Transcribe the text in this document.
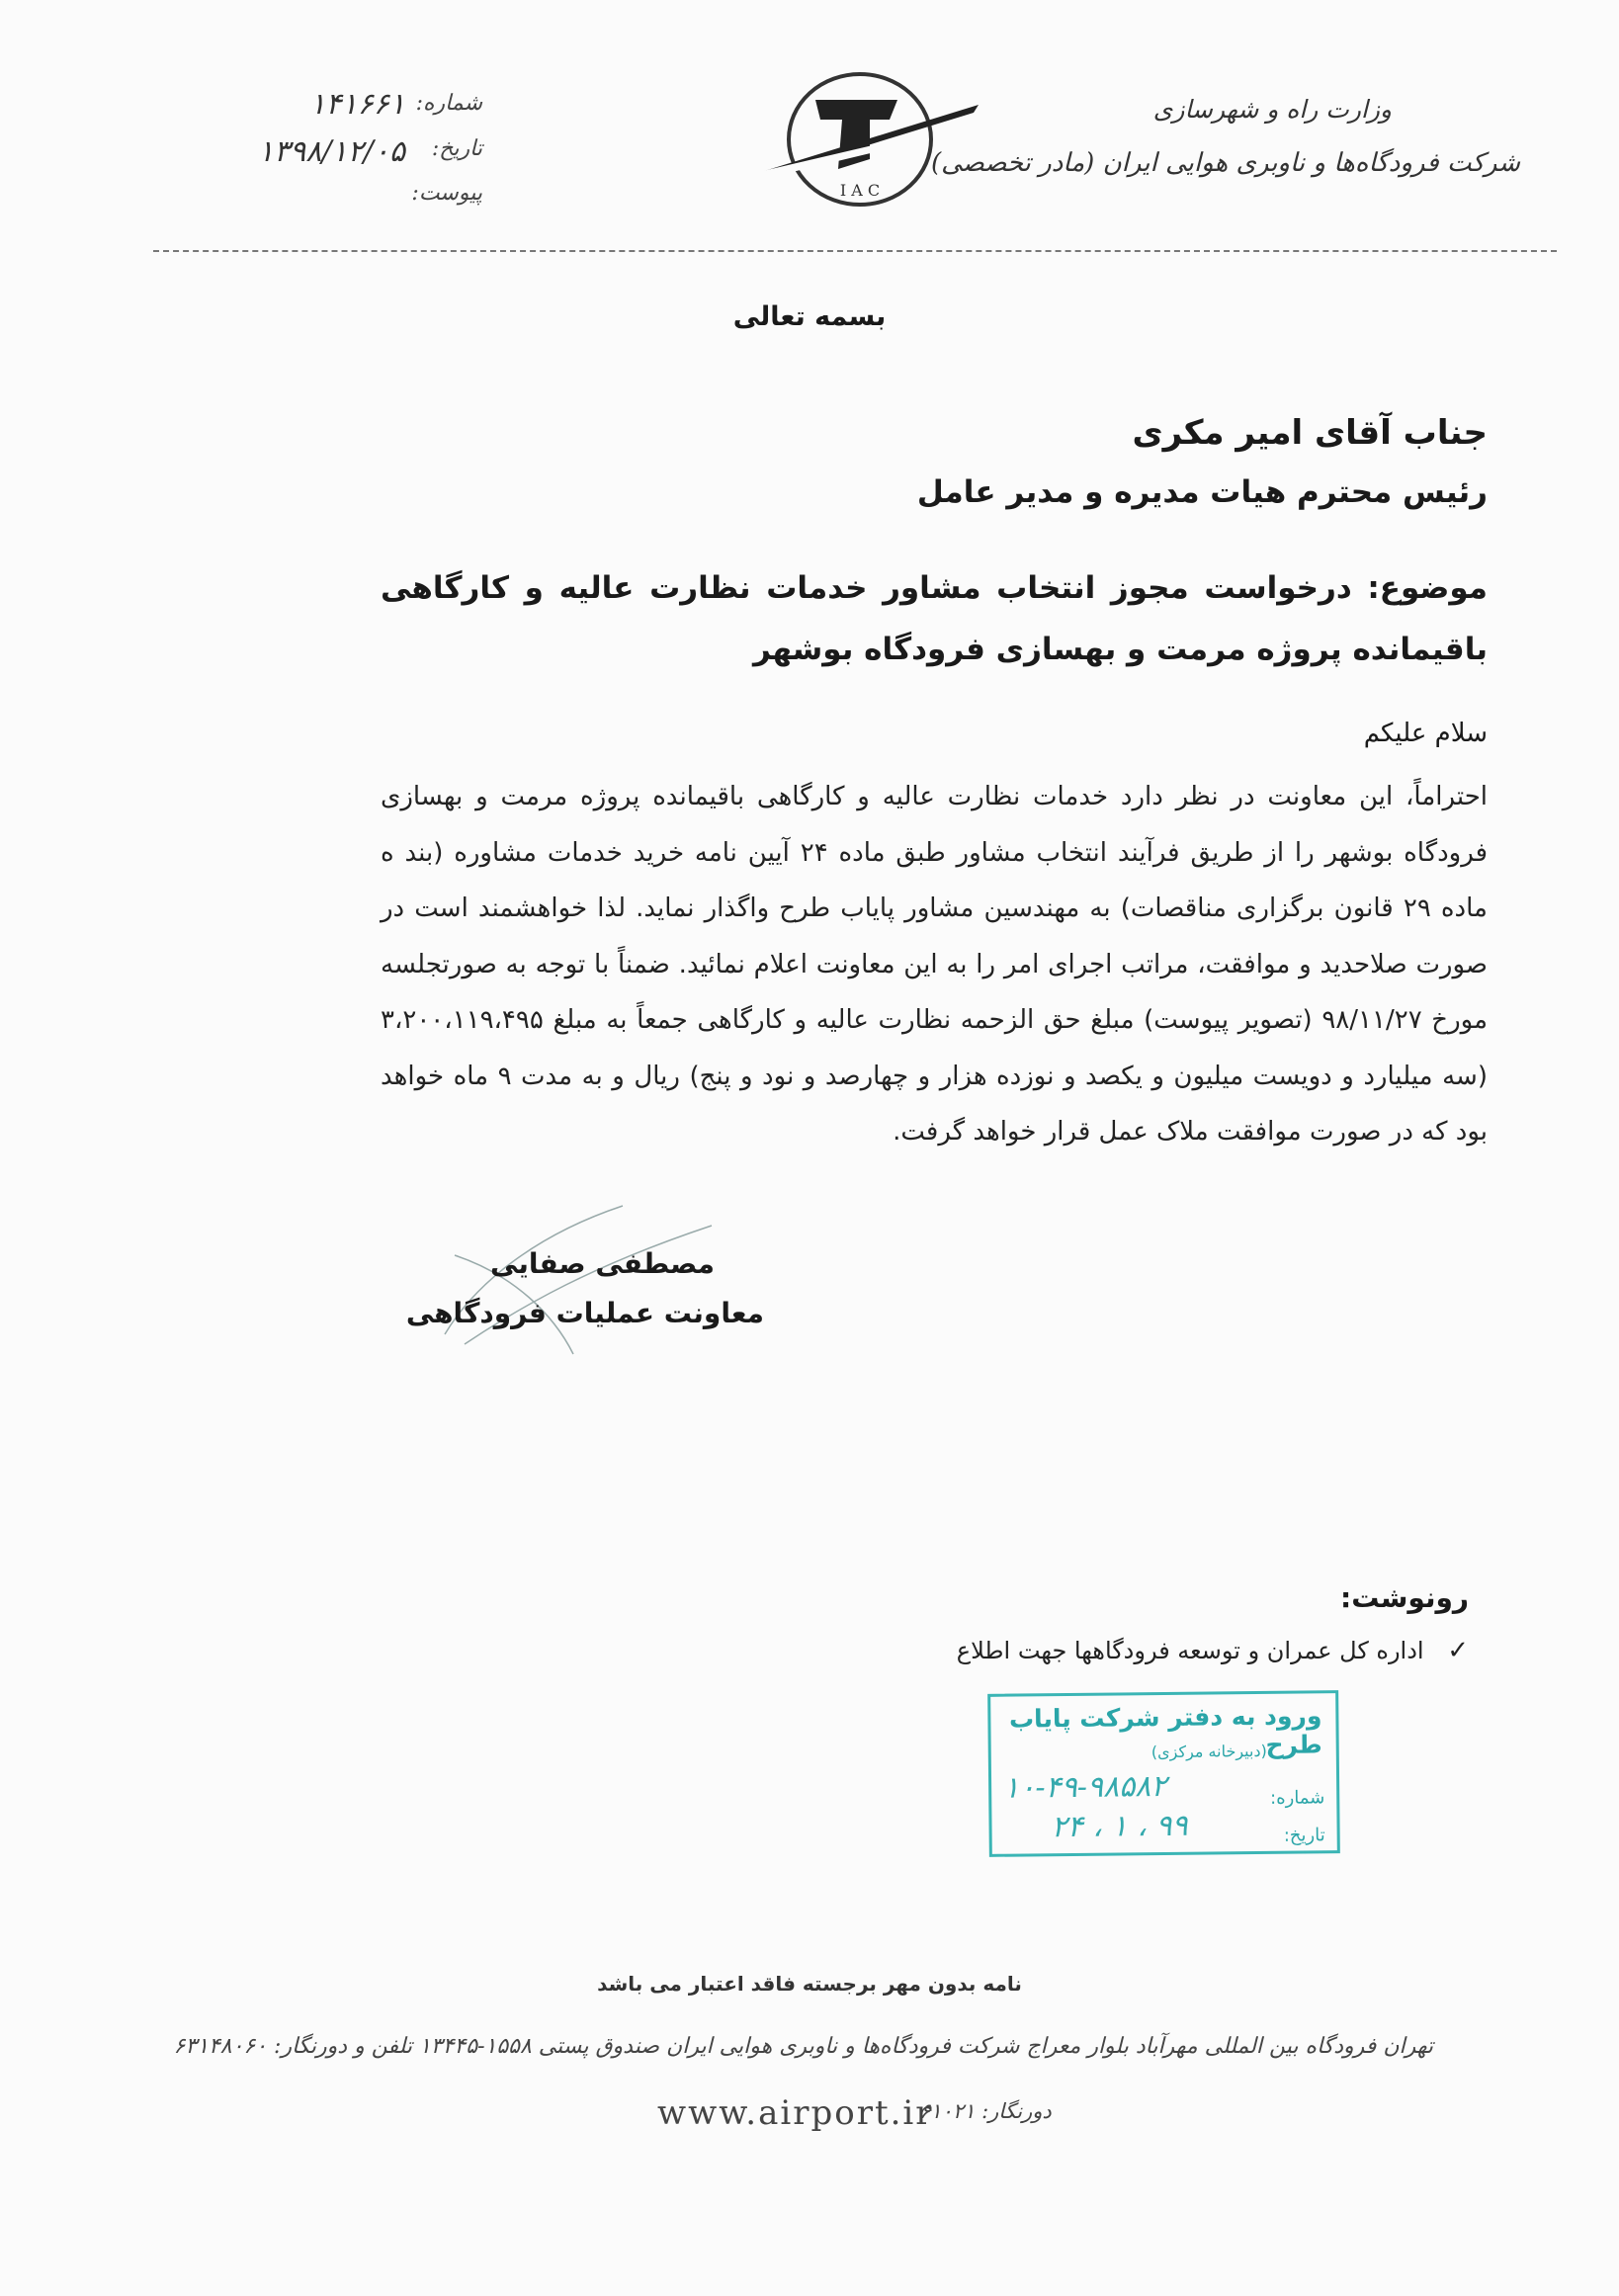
وزارت راه و شهرسازی
شرکت فرودگاه‌ها و ناوبری هوایی ایران (مادر تخصصی)
I A C
شماره:
تاریخ:
پیوست:
۱۴۱۶۶۱
۱۳۹۸/۱۲/۰۵
بسمه تعالی
جناب آقای امیر مکری
رئیس محترم هیات مدیره و مدیر عامل
موضوع: درخواست مجوز انتخاب مشاور خدمات نظارت عالیه و کارگاهی باقیمانده پروژه مرمت و بهسازی فرودگاه بوشهر
سلام علیکم
احتراماً، این معاونت در نظر دارد خدمات نظارت عالیه و کارگاهی باقیمانده پروژه مرمت و بهسازی فرودگاه بوشهر را از طریق فرآیند انتخاب مشاور طبق ماده ۲۴ آیین نامه خرید خدمات مشاوره (بند ه ماده ۲۹ قانون برگزاری مناقصات) به مهندسین مشاور پایاب طرح واگذار نماید. لذا خواهشمند است در صورت صلاحدید و موافقت، مراتب اجرای امر را به این معاونت اعلام نمائید. ضمناً با توجه به صورتجلسه مورخ ۹۸/۱۱/۲۷ (تصویر پیوست) مبلغ حق الزحمه نظارت عالیه و کارگاهی جمعاً به مبلغ ۳،۲۰۰،۱۱۹،۴۹۵ (سه میلیارد و دویست میلیون و یکصد و نوزده هزار و چهارصد و نود و پنج) ریال و به مدت ۹ ماه خواهد بود که در صورت موافقت ملاک عمل قرار خواهد گرفت.
مصطفی صفایی
معاونت عملیات فرودگاهی
رونوشت:
✓ اداره کل عمران و توسعه فرودگاهها جهت اطلاع
ورود به دفتر شرکت پایاب طرح
(دبیرخانه مرکزی)
شماره:
تاریخ:
۱۰-۴۹-۹۸۵۸۲
۹۹ ، ۱ ، ۲۴
نامه بدون مهر برجسته فاقد اعتبار می باشد
تهران فرودگاه بین المللی مهرآباد بلوار معراج شرکت فرودگاه‌ها و ناوبری هوایی ایران صندوق پستی ۱۵۵۸-۱۳۴۴۵ تلفن و دورنگار: ۶۳۱۴۸۰۶۰
www.airport.ir
دورنگار: ۶۱۰۲۱
